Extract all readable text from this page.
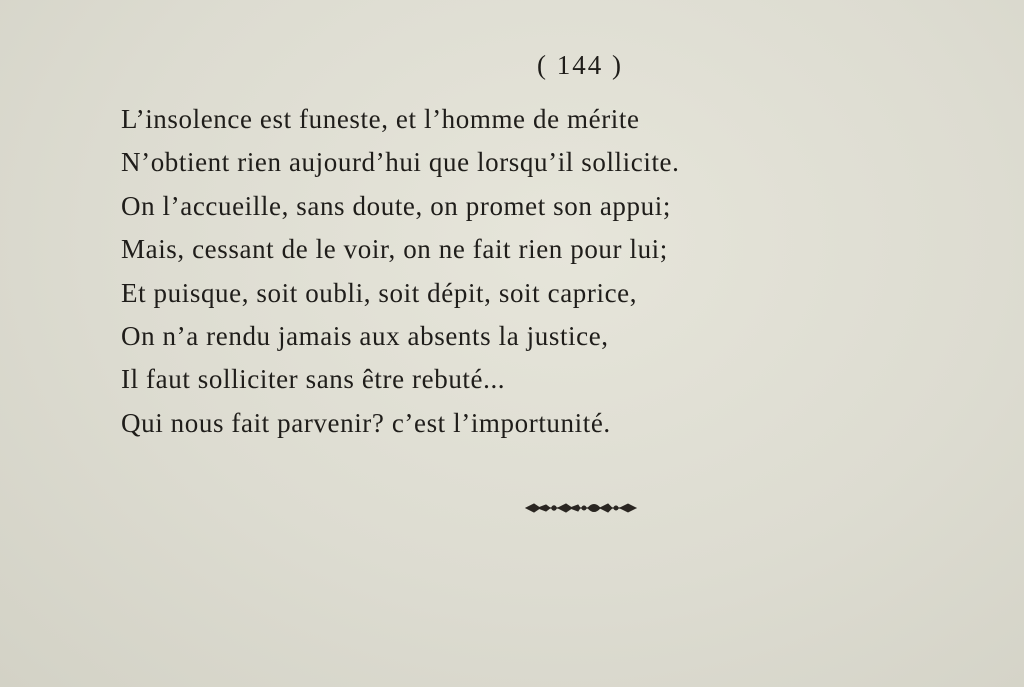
( 144 )
L’insolence est funeste, et l’homme de mérite
N’obtient rien aujourd’hui que lorsqu’il sollicite.
On l’accueille, sans doute, on promet son appui;
Mais, cessant de le voir, on ne fait rien pour lui;
Et puisque, soit oubli, soit dépit, soit caprice,
On n’a rendu jamais aux absents la justice,
Il faut solliciter sans être rebuté...
Qui nous fait parvenir? c’est l’importunité.
